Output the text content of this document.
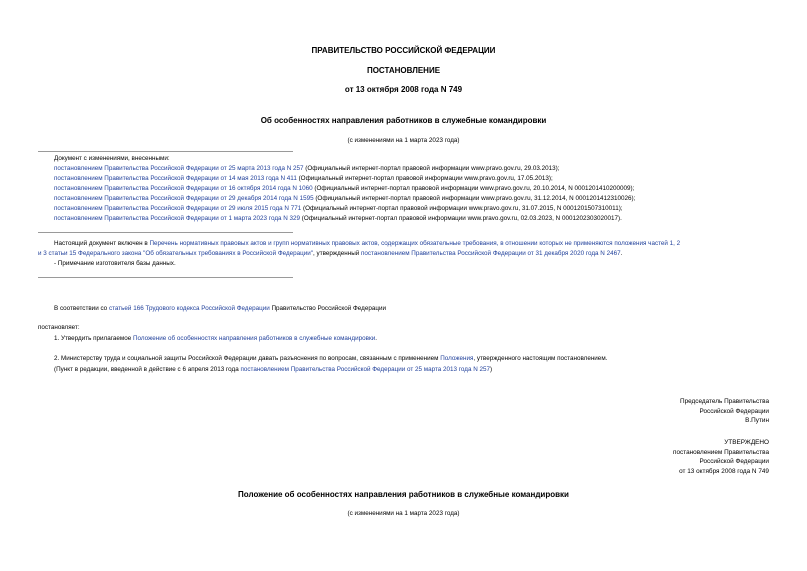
ПРАВИТЕЛЬСТВО РОССИЙСКОЙ ФЕДЕРАЦИИ
ПОСТАНОВЛЕНИЕ
от 13 октября 2008 года N 749
Об особенностях направления работников в служебные командировки
(с изменениями на 1 марта 2023 года)
Документ с изменениями, внесенными:
постановлением Правительства Российской Федерации от 25 марта 2013 года N 257 (Официальный интернет-портал правовой информации www.pravo.gov.ru, 29.03.2013);
постановлением Правительства Российской Федерации от 14 мая 2013 года N 411 (Официальный интернет-портал правовой информации www.pravo.gov.ru, 17.05.2013);
постановлением Правительства Российской Федерации от 16 октября 2014 года N 1060 (Официальный интернет-портал правовой информации www.pravo.gov.ru, 20.10.2014, N 0001201410200009);
постановлением Правительства Российской Федерации от 29 декабря 2014 года N 1595 (Официальный интернет-портал правовой информации www.pravo.gov.ru, 31.12.2014, N 0001201412310026);
постановлением Правительства Российской Федерации от 29 июля 2015 года N 771 (Официальный интернет-портал правовой информации www.pravo.gov.ru, 31.07.2015, N 0001201507310011);
постановлением Правительства Российской Федерации от 1 марта 2023 года N 329 (Официальный интернет-портал правовой информации www.pravo.gov.ru, 02.03.2023, N 0001202303020017).
Настоящий документ включен в Перечень нормативных правовых актов и групп нормативных правовых актов, содержащих обязательные требования, в отношении которых не применяются положения частей 1, 2
и 3 статьи 15 Федерального закона "Об обязательных требованиях в Российской Федерации", утвержденный постановлением Правительства Российской Федерации от 31 декабря 2020 года N 2467.
- Примечание изготовителя базы данных.
В соответствии со статьей 166 Трудового кодекса Российской Федерации Правительство Российской Федерации
постановляет:
1. Утвердить прилагаемое Положение об особенностях направления работников в служебные командировки.
2. Министерству труда и социальной защиты Российской Федерации давать разъяснения по вопросам, связанным с применением Положения, утвержденного настоящим постановлением.
(Пункт в редакции, введенной в действие с 6 апреля 2013 года постановлением Правительства Российской Федерации от 25 марта 2013 года N 257)
Председатель Правительства
Российской Федерации
В.Путин
УТВЕРЖДЕНО
постановлением Правительства
Российской Федерации
от 13 октября 2008 года N 749
Положение об особенностях направления работников в служебные командировки
(с изменениями на 1 марта 2023 года)
